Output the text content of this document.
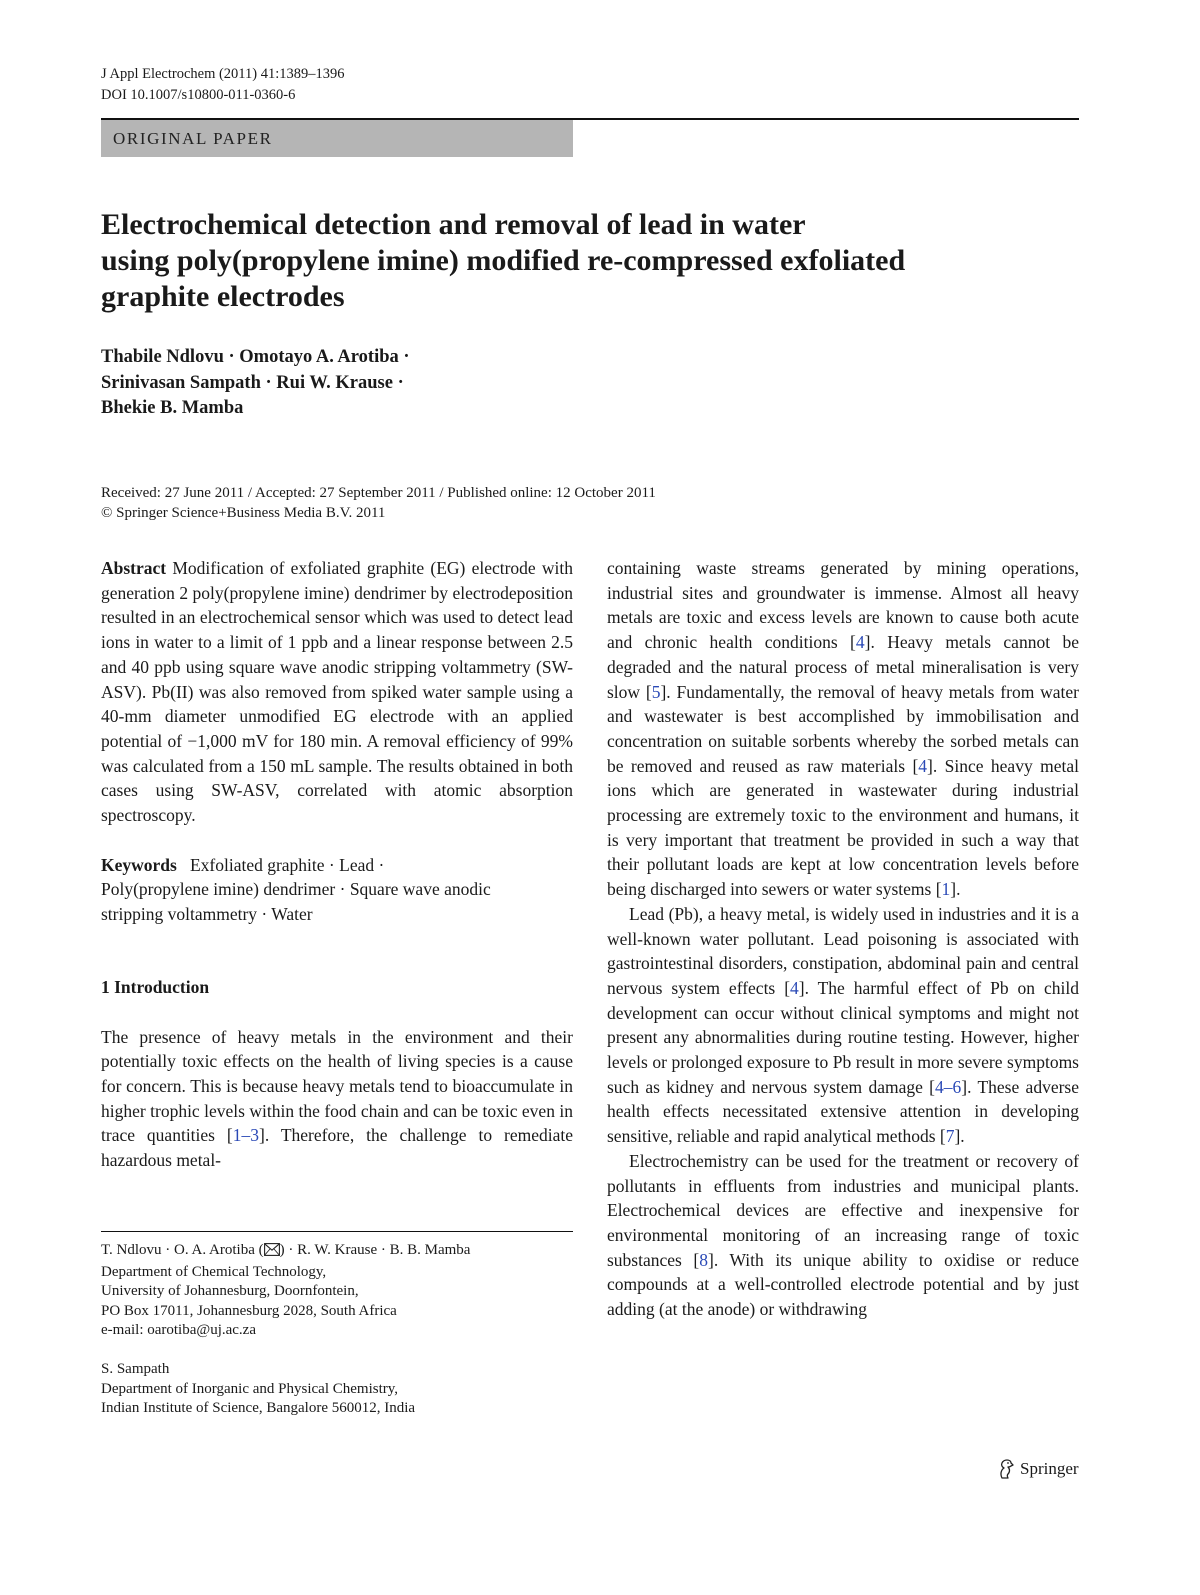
J Appl Electrochem (2011) 41:1389–1396
DOI 10.1007/s10800-011-0360-6
ORIGINAL PAPER
Electrochemical detection and removal of lead in water
using poly(propylene imine) modified re-compressed exfoliated
graphite electrodes
Thabile Ndlovu · Omotayo A. Arotiba ·
Srinivasan Sampath · Rui W. Krause ·
Bhekie B. Mamba
Received: 27 June 2011 / Accepted: 27 September 2011 / Published online: 12 October 2011
© Springer Science+Business Media B.V. 2011

Abstract Modification of exfoliated graphite (EG) electrode with generation 2 poly(propylene imine) dendrimer by electrodeposition resulted in an electrochemical sensor which was used to detect lead ions in water to a limit of 1 ppb and a linear response between 2.5 and 40 ppb using square wave anodic stripping voltammetry (SW-ASV). Pb(II) was also removed from spiked water sample using a 40-mm diameter unmodified EG electrode with an applied potential of −1,000 mV for 180 min. A removal efficiency of 99% was calculated from a 150 mL sample. The results obtained in both cases using SW-ASV, correlated with atomic absorption spectroscopy.

Keywords Exfoliated graphite · Lead ·
Poly(propylene imine) dendrimer · Square wave anodic
stripping voltammetry · Water

1 Introduction

The presence of heavy metals in the environment and their potentially toxic effects on the health of living species is a cause for concern. This is because heavy metals tend to bioaccumulate in higher trophic levels within the food chain and can be toxic even in trace quantities [1–3]. Therefore, the challenge to remediate hazardous metal-

containing waste streams generated by mining operations, industrial sites and groundwater is immense. Almost all heavy metals are toxic and excess levels are known to cause both acute and chronic health conditions [4]. Heavy metals cannot be degraded and the natural process of metal mineralisation is very slow [5]. Fundamentally, the removal of heavy metals from water and wastewater is best accomplished by immobilisation and concentration on suitable sorbents whereby the sorbed metals can be removed and reused as raw materials [4]. Since heavy metal ions which are generated in wastewater during industrial processing are extremely toxic to the environment and humans, it is very important that treatment be provided in such a way that their pollutant loads are kept at low concentration levels before being discharged into sewers or water systems [1].

Lead (Pb), a heavy metal, is widely used in industries and it is a well-known water pollutant. Lead poisoning is associated with gastrointestinal disorders, constipation, abdominal pain and central nervous system effects [4]. The harmful effect of Pb on child development can occur without clinical symptoms and might not present any abnormalities during routine testing. However, higher levels or prolonged exposure to Pb result in more severe symptoms such as kidney and nervous system damage [4–6]. These adverse health effects necessitated extensive attention in developing sensitive, reliable and rapid analytical methods [7].

Electrochemistry can be used for the treatment or recovery of pollutants in effluents from industries and municipal plants. Electrochemical devices are effective and inexpensive for environmental monitoring of an increasing range of toxic substances [8]. With its unique ability to oxidise or reduce compounds at a well-controlled electrode potential and by just adding (at the anode) or withdrawing

T. Ndlovu · O. A. Arotiba ( ) · R. W. Krause · B. B. Mamba
Department of Chemical Technology,
University of Johannesburg, Doornfontein,
PO Box 17011, Johannesburg 2028, South Africa
e-mail: oarotiba@uj.ac.za
S. Sampath
Department of Inorganic and Physical Chemistry,
Indian Institute of Science, Bangalore 560012, India
Springer
